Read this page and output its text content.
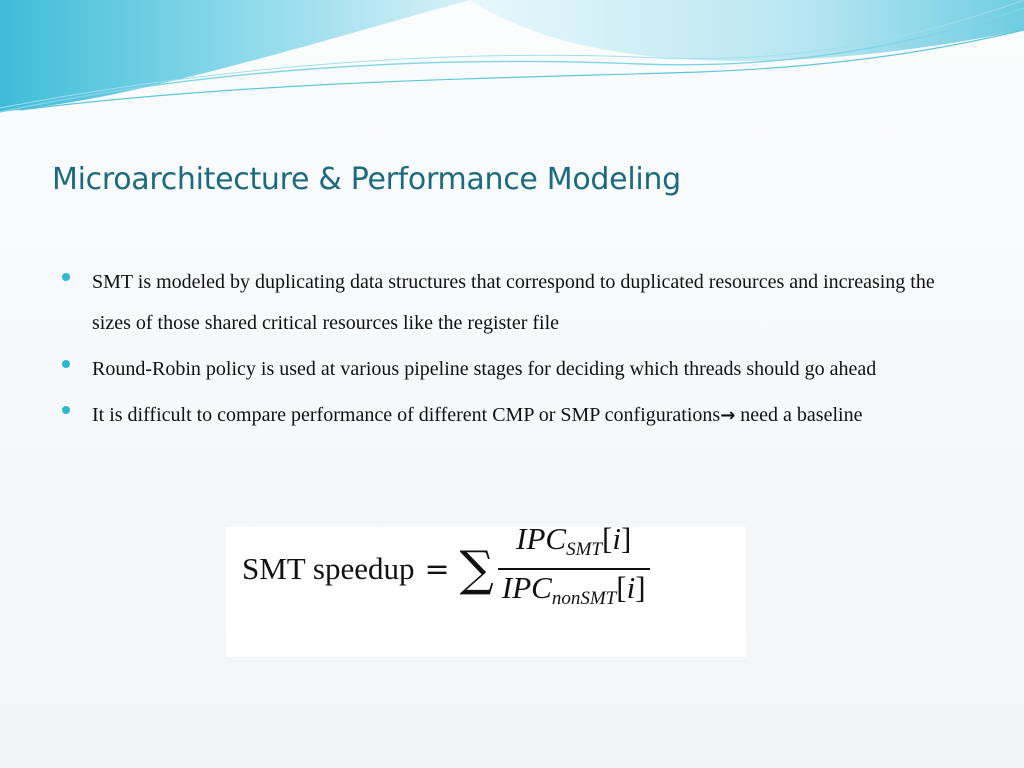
Microarchitecture & Performance Modeling
SMT is modeled by duplicating data structures that correspond to duplicated resources and increasing the sizes of those shared critical resources like the register file
Round-Robin policy is used at various pipeline stages for deciding which threads should go ahead
It is difficult to compare performance of different CMP or SMP configurations→ need a baseline
SMT speedup = ∑ $\frac{IPC_{SMT}[i]}{IPC_{nonSMT}[i]}$
